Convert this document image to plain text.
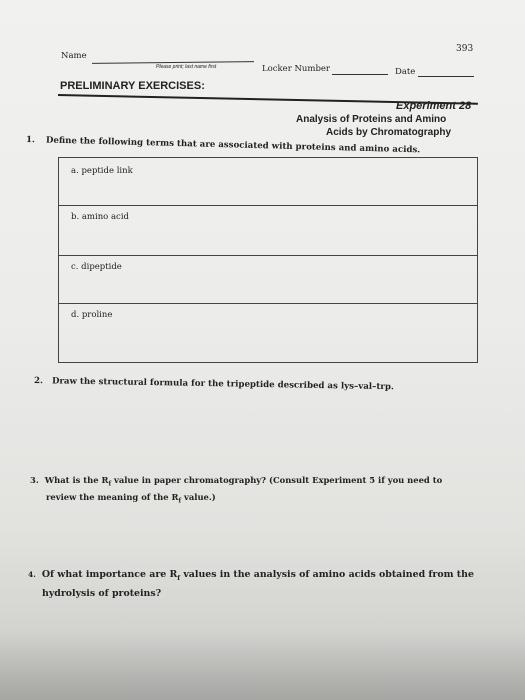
393
Name
Please print; last name first	Locker Number	Date
PRELIMINARY EXERCISES:
Experiment 28
Analysis of Proteins and Amino
Acids by Chromatography
1. Define the following terms that are associated with proteins and amino acids.
a. peptide link
b. amino acid
c. dipeptide
d. proline
2. Draw the structural formula for the tripeptide described as lys–val–trp.
3. What is the $R_f$ value in paper chromatography? (Consult Experiment 5 if you need to
review the meaning of the $R_f$ value.)
4. Of what importance are $R_f$ values in the analysis of amino acids obtained from the
hydrolysis of proteins?
